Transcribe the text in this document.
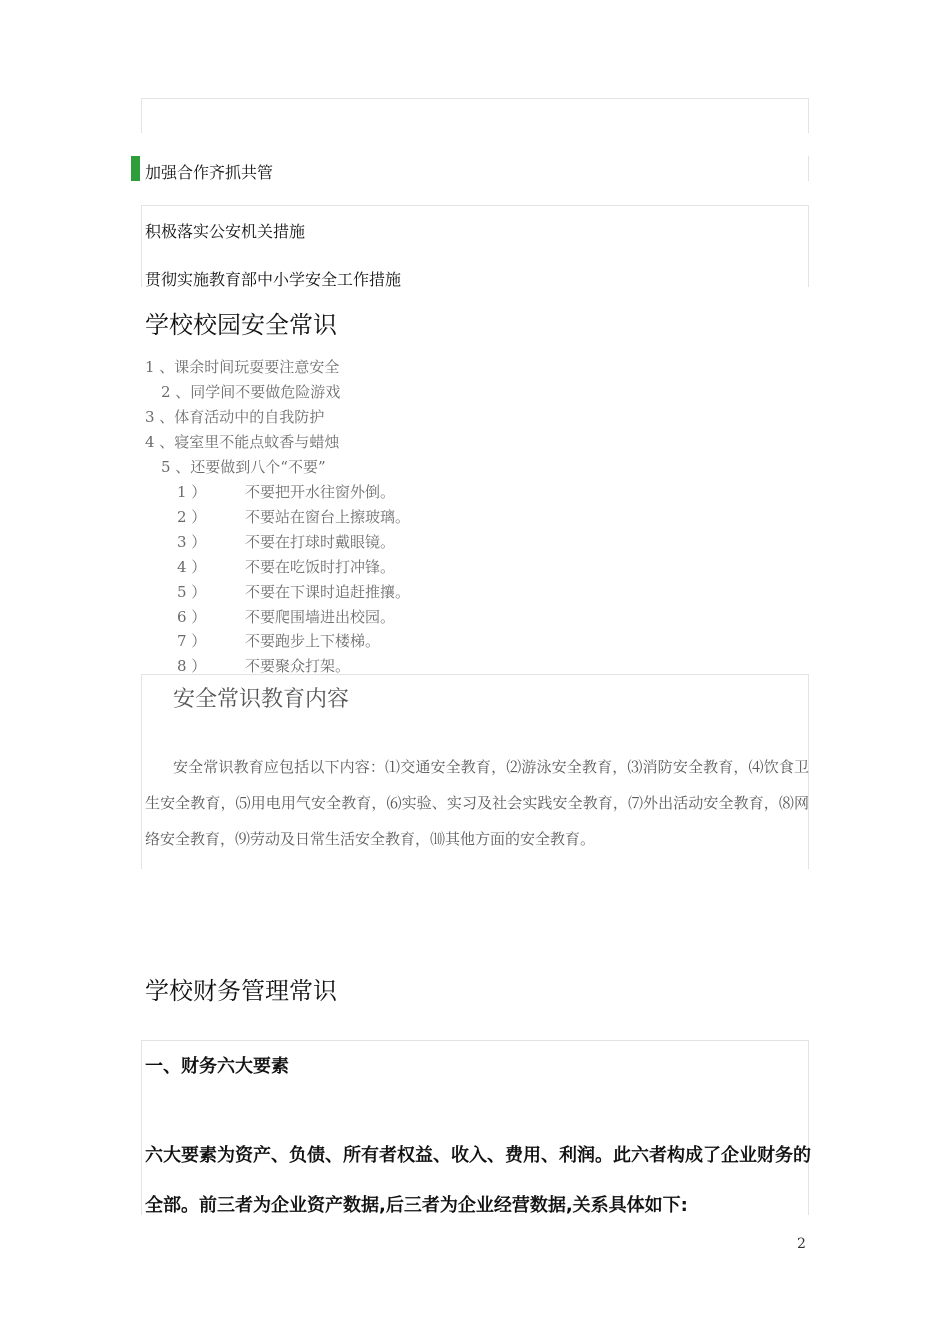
加强合作齐抓共管

积极落实公安机关措施

贯彻实施教育部中小学安全工作措施

学校校园安全常识

1 、课余时间玩耍要注意安全

2 、同学间不要做危险游戏

3 、体育活动中的自我防护

4 、寝室里不能点蚊香与蜡烛

5 、还要做到八个“不要”

1 ）	不要把开水往窗外倒。

2 ）	不要站在窗台上擦玻璃。

3 ）	不要在打球时戴眼镜。

4 ）	不要在吃饭时打冲锋。

5 ）	不要在下课时追赶推攘。

6 ）	不要爬围墙进出校园。

7 ）	不要跑步上下楼梯。

8 ）	不要聚众打架。

安全常识教育内容

安全常识教育应包括以下内容：⑴交通安全教育，⑵游泳安全教育，⑶消防安全教育，⑷饮食卫生安全教育，⑸用电用气安全教育，⑹实验、实习及社会实践安全教育，⑺外出活动安全教育，⑻网络安全教育，⑼劳动及日常生活安全教育，⑽其他方面的安全教育。

学校财务管理常识

一、财务六大要素

六大要素为资产、负债、所有者权益、收入、费用、利润。此六者构成了企业财务的全部。前三者为企业资产数据,后三者为企业经营数据,关系具体如下:

2
